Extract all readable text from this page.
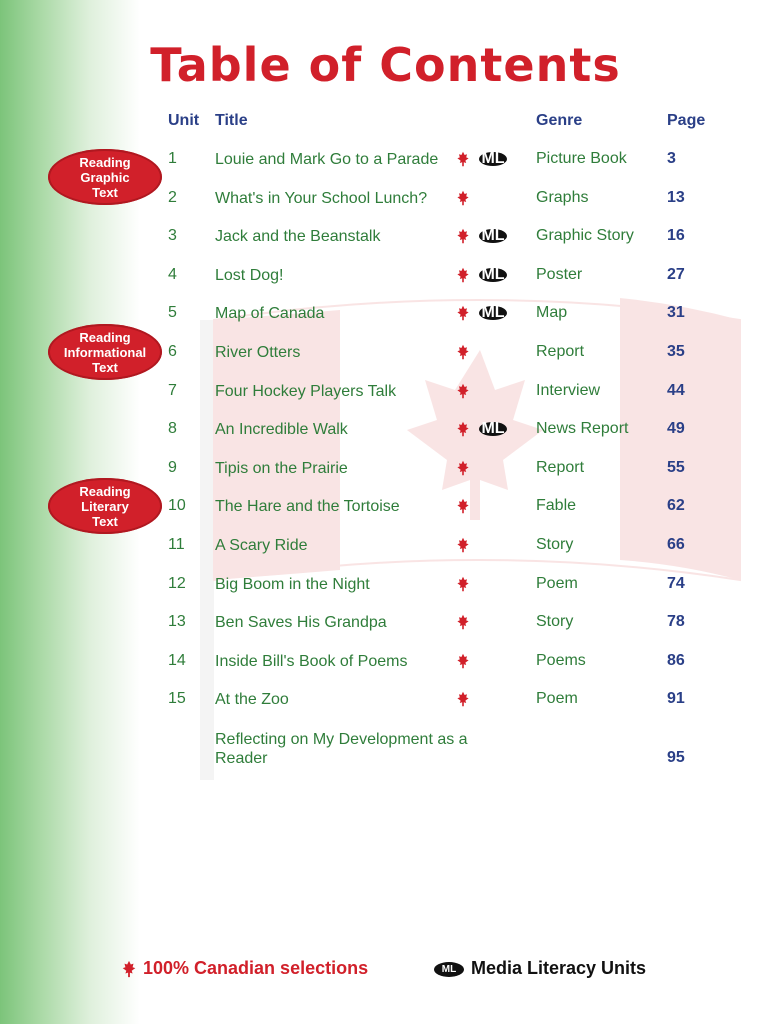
Table of Contents
Unit Title	Genre	Page
Reading
Graphic
Text
Reading
Informational
Text
Reading
Literary
Text
1 Louie and Mark Go to a Parade	ML Picture Book	3
2 What's in Your School Lunch?	Graphs	13
3 Jack and the Beanstalk	ML Graphic Story 16
4 Lost Dog!	ML Poster	27
5 Map of Canada	ML Map	31
6 River Otters	Report	35
7 Four Hockey Players Talk	Interview	44
8 An Incredible Walk	ML News Report 49
9 Tipis on the Prairie	Report	55
10 The Hare and the Tortoise	Fable	62
11 A Scary Ride	Story	66
12 Big Boom in the Night	Poem	74
13 Ben Saves His Grandpa	Story	78
14 Inside Bill's Book of Poems	Poems	86
15 At the Zoo	Poem	91
Reflecting on My Development as a Reader	95
100% Canadian selections	ML Media Literacy Units
